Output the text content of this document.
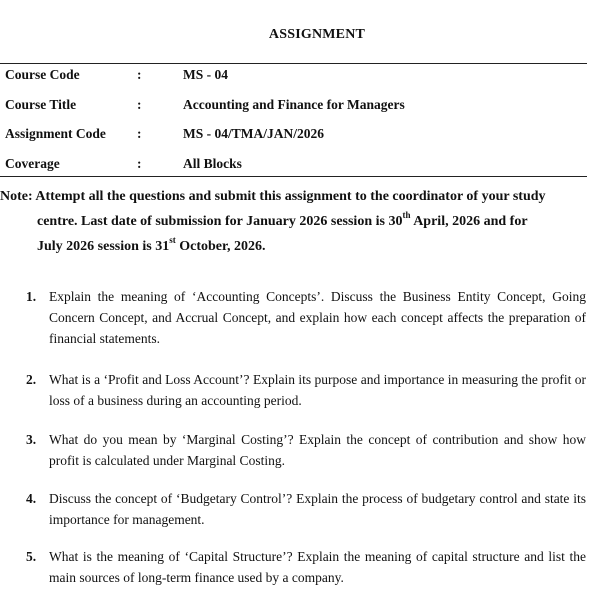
ASSIGNMENT
Course Code	:	MS - 04
Course Title	:	Accounting and Finance for Managers
Assignment Code :	MS - 04/TMA/JAN/2026
Coverage	:	All Blocks
Note: Attempt all the questions and submit this assignment to the coordinator of your study
centre. Last date of submission for January 2026 session is 30th April, 2026 and for
July 2026 session is 31st October, 2026.
1. Explain the meaning of ‘Accounting Concepts’. Discuss the Business Entity Concept, Going Concern Concept, and Accrual Concept, and explain how each concept affects the preparation of financial statements.
2. What is a ‘Profit and Loss Account’? Explain its purpose and importance in measuring the profit or loss of a business during an accounting period.
3. What do you mean by ‘Marginal Costing’? Explain the concept of contribution and show how profit is calculated under Marginal Costing.
4. Discuss the concept of ‘Budgetary Control’? Explain the process of budgetary control and state its importance for management.
5. What is the meaning of ‘Capital Structure’? Explain the meaning of capital structure and list the main sources of long-term finance used by a company.
